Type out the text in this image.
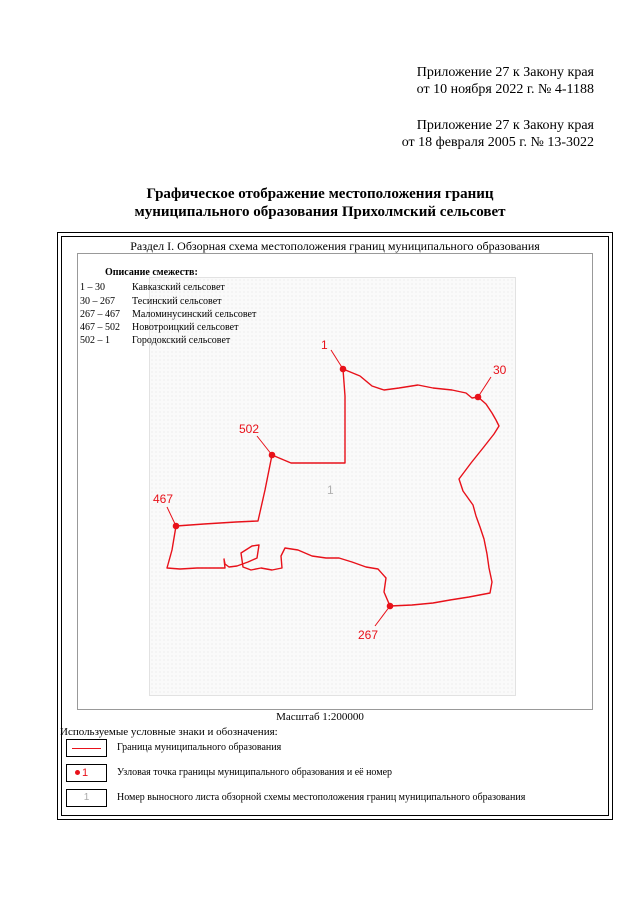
Приложение 27 к Закону края
от 10 ноября 2022 г. № 4-1188
Приложение 27 к Закону края
от 18 февраля 2005 г. № 13-3022
Графическое отображение местоположения границ
муниципального образования Прихолмский сельсовет
Раздел I. Обзорная схема местоположения границ муниципального образования
Описание смежеств:
1 – 30	Кавказский сельсовет
30 – 267	Тесинский сельсовет
267 – 467	Маломинусинский сельсовет
467 – 502	Новотроицкий сельсовет
502 – 1	Городокский сельсовет	1
30
267
467
502
1
Масштаб 1:200000
Используемые условные знаки и обозначения:
Граница муниципального образования
1	Узловая точка границы муниципального образования и её номер
1	Номер выносного листа обзорной схемы местоположения границ муниципального образования
